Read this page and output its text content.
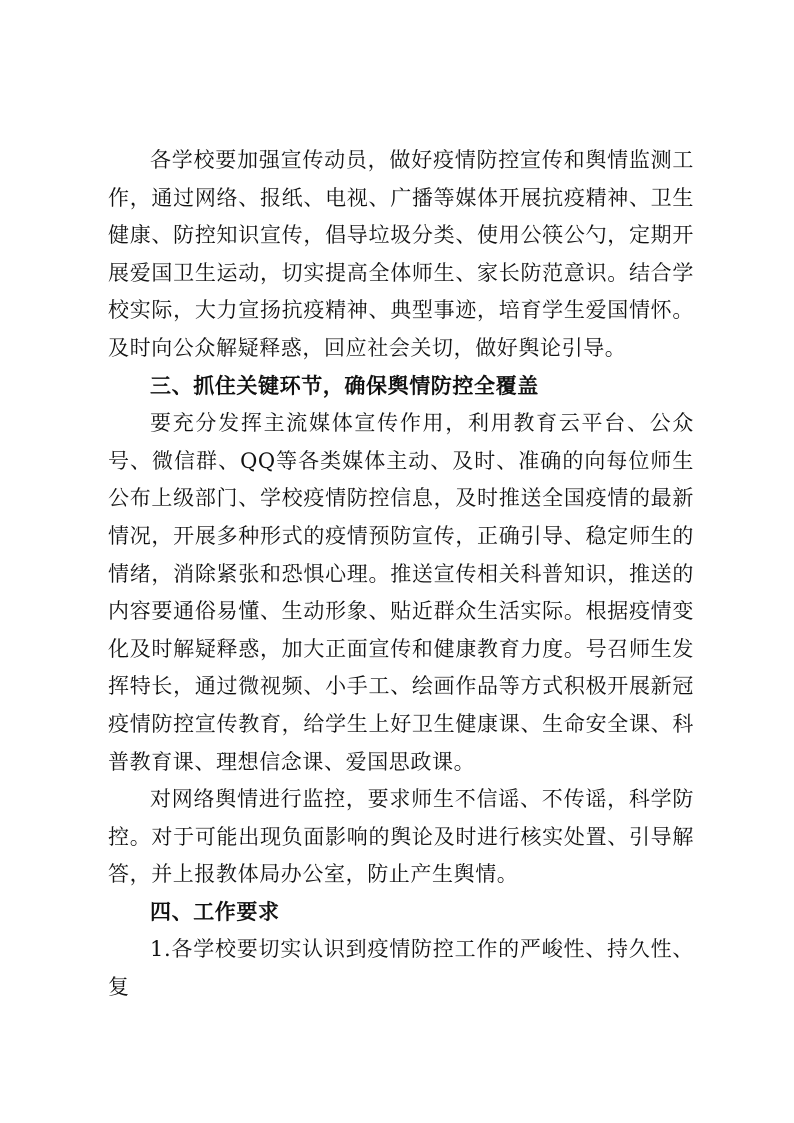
各学校要加强宣传动员，做好疫情防控宣传和舆情监测工作，通过网络、报纸、电视、广播等媒体开展抗疫精神、卫生健康、防控知识宣传，倡导垃圾分类、使用公筷公勺，定期开展爱国卫生运动，切实提高全体师生、家长防范意识。结合学校实际，大力宣扬抗疫精神、典型事迹，培育学生爱国情怀。及时向公众解疑释惑，回应社会关切，做好舆论引导。

三、抓住关键环节，确保舆情防控全覆盖

要充分发挥主流媒体宣传作用，利用教育云平台、公众号、微信群、QQ等各类媒体主动、及时、准确的向每位师生公布上级部门、学校疫情防控信息，及时推送全国疫情的最新情况，开展多种形式的疫情预防宣传，正确引导、稳定师生的情绪，消除紧张和恐惧心理。推送宣传相关科普知识，推送的内容要通俗易懂、生动形象、贴近群众生活实际。根据疫情变化及时解疑释惑，加大正面宣传和健康教育力度。号召师生发挥特长，通过微视频、小手工、绘画作品等方式积极开展新冠疫情防控宣传教育，给学生上好卫生健康课、生命安全课、科普教育课、理想信念课、爱国思政课。

对网络舆情进行监控，要求师生不信谣、不传谣，科学防控。对于可能出现负面影响的舆论及时进行核实处置、引导解答，并上报教体局办公室，防止产生舆情。

四、工作要求

1.各学校要切实认识到疫情防控工作的严峻性、持久性、复
